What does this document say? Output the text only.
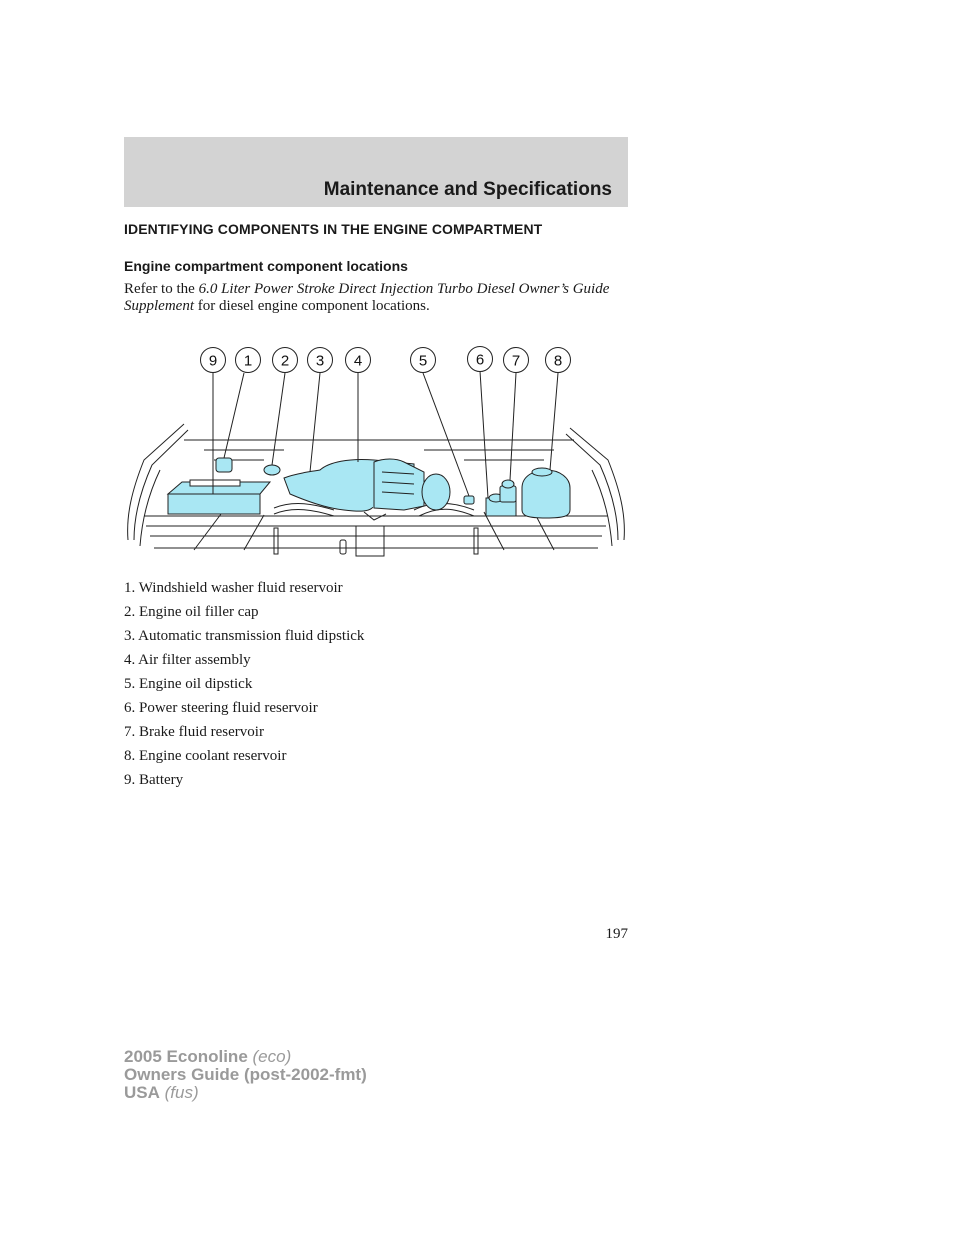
Maintenance and Specifications
IDENTIFYING COMPONENTS IN THE ENGINE COMPARTMENT
Engine compartment component locations
Refer to the 6.0 Liter Power Stroke Direct Injection Turbo Diesel Owner’s Guide Supplement for diesel engine component locations.
9 1 2 3 4	5	6 7 8
1. Windshield washer fluid reservoir
2. Engine oil filler cap
3. Automatic transmission fluid dipstick
4. Air filter assembly
5. Engine oil dipstick
6. Power steering fluid reservoir
7. Brake fluid reservoir
8. Engine coolant reservoir
9. Battery
197
2005 Econoline (eco)
Owners Guide (post-2002-fmt)
USA (fus)
